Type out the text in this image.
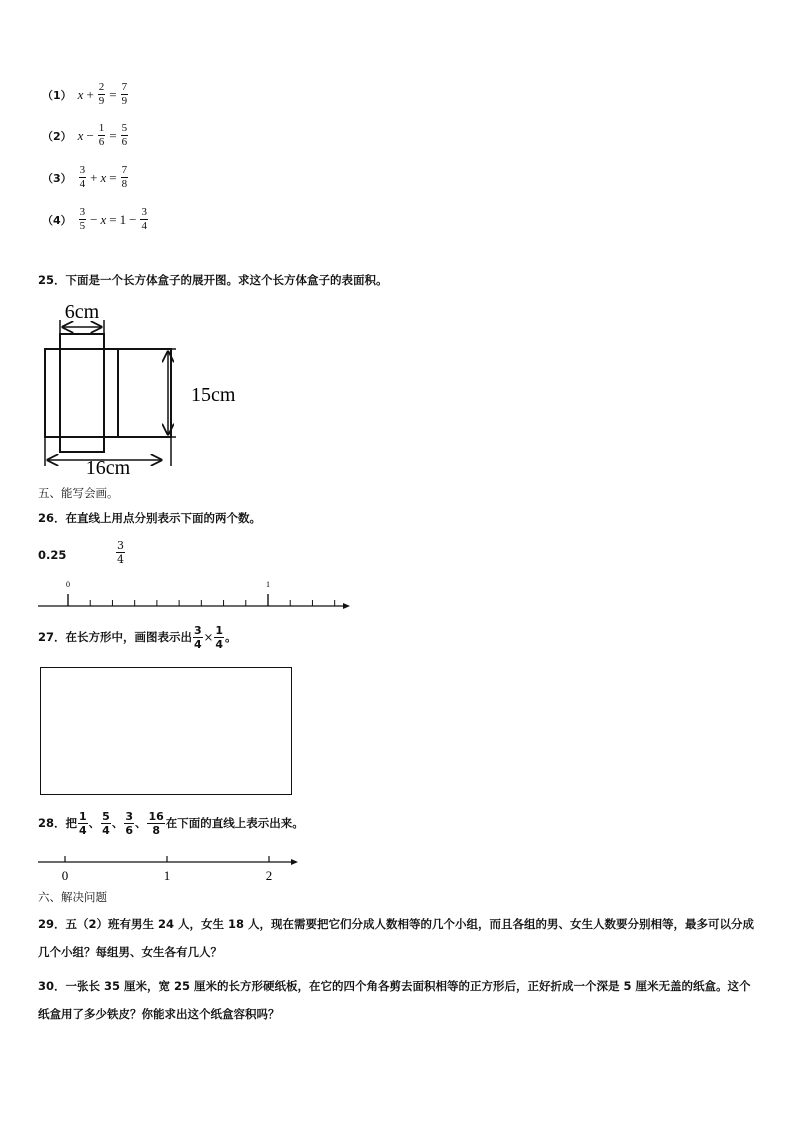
（1） $x + \frac{2}{9} = \frac{7}{9}$
（2） $x - \frac{1}{6} = \frac{5}{6}$
$(3) \frac{3}{4} + x = \frac{7}{8}$
$(4) \frac{3}{5} - x = 1 - \frac{3}{4}$
25．下面是一个长方体盒子的展开图。求这个长方体盒子的表面积。
6cm
15cm
16cm
五、能写会画。
26．在直线上用点分别表示下面的两个数。
0.25	$\frac{3}{4}$
0	1
27．在长方形中，画图表示出 $\frac{3}{4} \times \frac{1}{4}$ 。
28．把 $\frac{1}{4}$ 、 $\frac{5}{4}$ 、 $\frac{3}{6}$ 、 $\frac{16}{8}$ 在下面的直线上表示出来。
0	1	2
六、解决问题
29．五（2）班有男生 24 人，女生 18 人，现在需要把它们分成人数相等的几个小组，而且各组的男、女生人数要分别相等，最多可以分成几个小组？每组男、女生各有几人？
30．一张长 35 厘米，宽 25 厘米的长方形硬纸板，在它的四个角各剪去面积相等的正方形后，正好折成一个深是 5 厘米无盖的纸盒。这个纸盒用了多少铁皮？你能求出这个纸盒容积吗？
